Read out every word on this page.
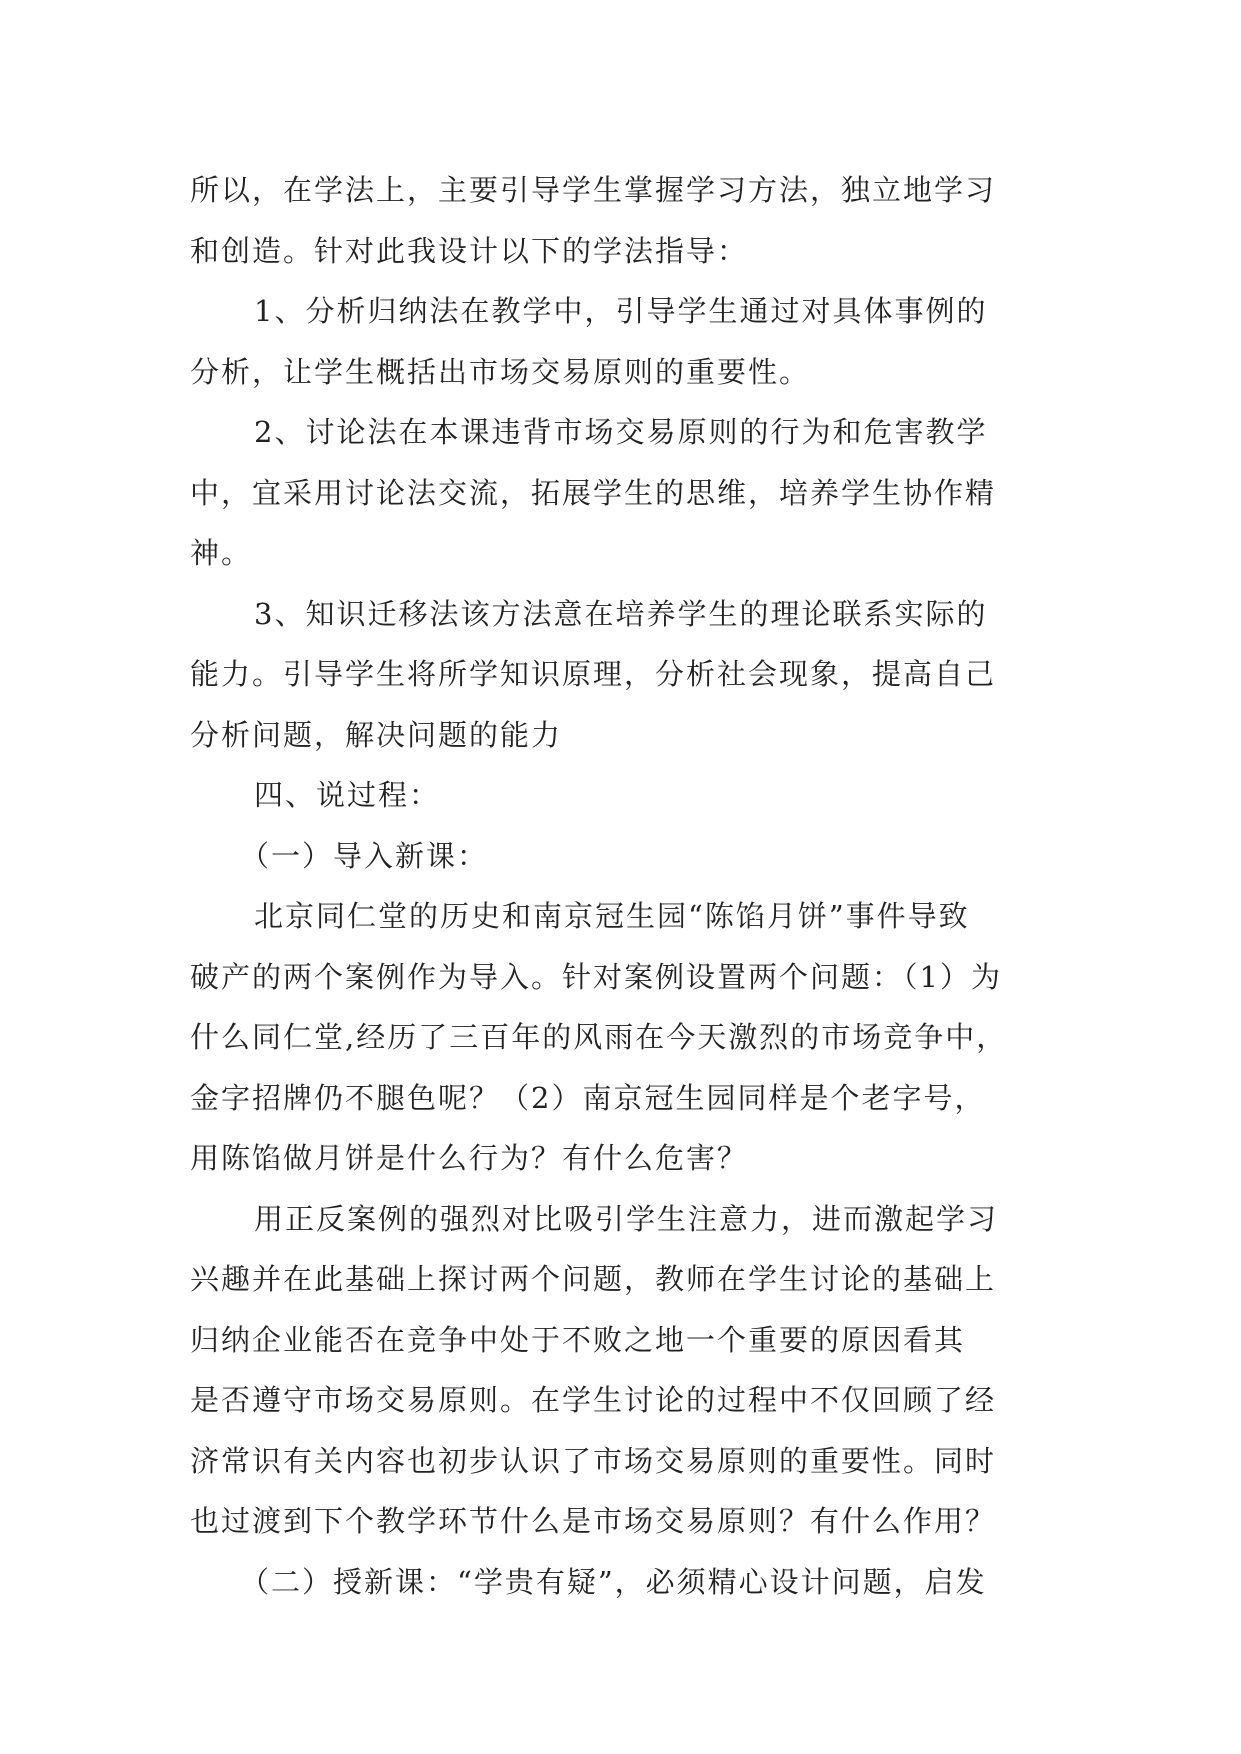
所以，在学法上，主要引导学生掌握学习方法，独立地学习
和创造。针对此我设计以下的学法指导：
1、分析归纳法在教学中，引导学生通过对具体事例的
分析，让学生概括出市场交易原则的重要性。
2、讨论法在本课违背市场交易原则的行为和危害教学
中，宜采用讨论法交流，拓展学生的思维，培养学生协作精
神。
3、知识迁移法该方法意在培养学生的理论联系实际的
能力。引导学生将所学知识原理，分析社会现象，提高自己
分析问题，解决问题的能力
四、说过程：
（一）导入新课：
北京同仁堂的历史和南京冠生园“陈馅月饼”事件导致
破产的两个案例作为导入。针对案例设置两个问题：（1）为
什么同仁堂,经历了三百年的风雨在今天激烈的市场竞争中，
金字招牌仍不腿色呢？（2）南京冠生园同样是个老字号，
用陈馅做月饼是什么行为？有什么危害？
用正反案例的强烈对比吸引学生注意力，进而激起学习
兴趣并在此基础上探讨两个问题，教师在学生讨论的基础上
归纳企业能否在竞争中处于不败之地一个重要的原因看其
是否遵守市场交易原则。在学生讨论的过程中不仅回顾了经
济常识有关内容也初步认识了市场交易原则的重要性。同时
也过渡到下个教学环节什么是市场交易原则？有什么作用？
（二）授新课：“学贵有疑”，必须精心设计问题，启发
